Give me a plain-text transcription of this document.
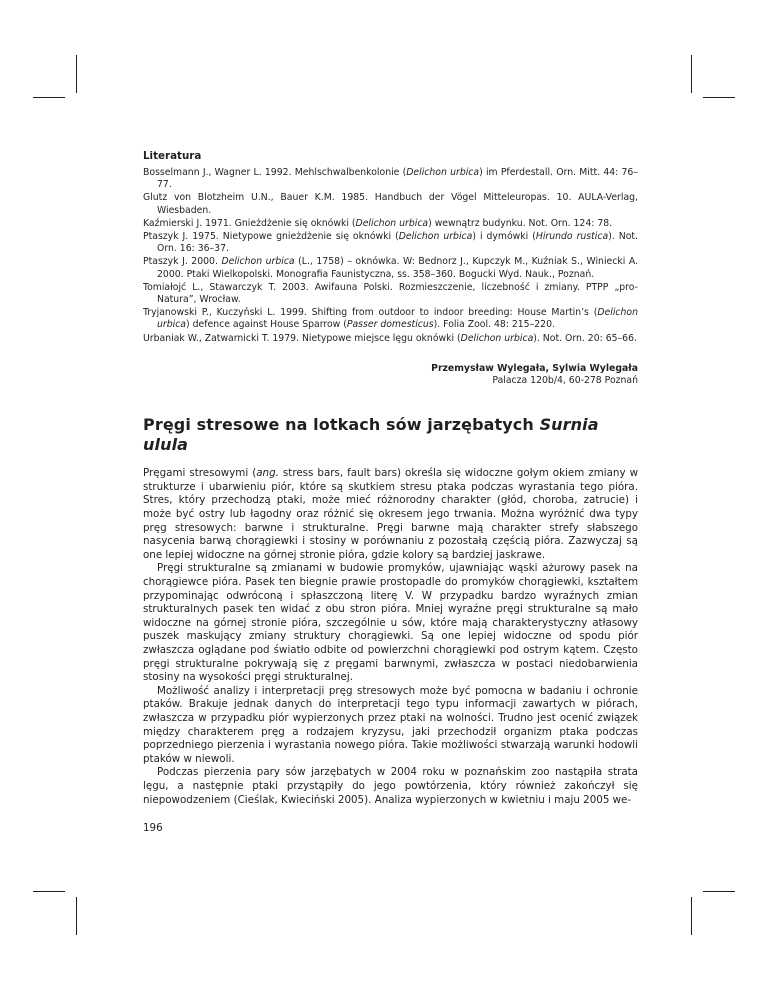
Literatura
Bosselmann J., Wagner L. 1992. Mehlschwalbenkolonie (Delichon urbica) im Pferdestall. Orn. Mitt. 44: 76–77.
Glutz von Blotzheim U.N., Bauer K.M. 1985. Handbuch der Vögel Mitteleuropas. 10. AULA-Verlag, Wiesbaden.
Kaźmierski J. 1971. Gnieżdżenie się oknówki (Delichon urbica) wewnątrz budynku. Not. Orn. 124: 78.
Ptaszyk J. 1975. Nietypowe gnieżdżenie się oknówki (Delichon urbica) i dymówki (Hirundo rustica). Not. Orn. 16: 36–37.
Ptaszyk J. 2000. Delichon urbica (L., 1758) – oknówka. W: Bednorz J., Kupczyk M., Kuźniak S., Winiecki A. 2000. Ptaki Wielkopolski. Monografia Faunistyczna, ss. 358–360. Bogucki Wyd. Nauk., Poznań.
Tomiałojć L., Stawarczyk T. 2003. Awifauna Polski. Rozmieszczenie, liczebność i zmiany. PTPP „pro-Natura”, Wrocław.
Tryjanowski P., Kuczyński L. 1999. Shifting from outdoor to indoor breeding: House Martin’s (Delichon urbica) defence against House Sparrow (Passer domesticus). Folia Zool. 48: 215–220.
Urbaniak W., Zatwarnicki T. 1979. Nietypowe miejsce lęgu oknówki (Delichon urbica). Not. Orn. 20: 65–66.
Przemysław Wylegała, Sylwia Wylegała
Palacza 120b/4, 60-278 Poznań
Pręgi stresowe na lotkach sów jarzębatych Surnia ulula

Pręgami stresowymi (ang. stress bars, fault bars) określa się widoczne gołym okiem zmiany w strukturze i ubarwieniu piór, które są skutkiem stresu ptaka podczas wyrastania tego pióra. Stres, który przechodzą ptaki, może mieć różnorodny charakter (głód, choroba, zatrucie) i może być ostry lub łagodny oraz różnić się okresem jego trwania. Można wyróżnić dwa typy pręg stresowych: barwne i strukturalne. Pręgi barwne mają charakter strefy słabszego nasycenia barwą chorągiewki i stosiny w porównaniu z pozostałą częścią pióra. Zazwyczaj są one lepiej widoczne na górnej stronie pióra, gdzie kolory są bardziej jaskrawe.

Pręgi strukturalne są zmianami w budowie promyków, ujawniając wąski ażurowy pasek na chorągiewce pióra. Pasek ten biegnie prawie prostopadle do promyków chorągiewki, kształtem przypominając odwróconą i spłaszczoną literę V. W przypadku bardzo wyraźnych zmian strukturalnych pasek ten widać z obu stron pióra. Mniej wyraźne pręgi strukturalne są mało widoczne na górnej stronie pióra, szczególnie u sów, które mają charakterystyczny atłasowy puszek maskujący zmiany struktury chorągiewki. Są one lepiej widoczne od spodu piór zwłaszcza oglądane pod światło odbite od powierzchni chorągiewki pod ostrym kątem. Często pręgi strukturalne pokrywają się z pręgami barwnymi, zwłaszcza w postaci niedobarwienia stosiny na wysokości pręgi strukturalnej.

Możliwość analizy i interpretacji pręg stresowych może być pomocna w badaniu i ochronie ptaków. Brakuje jednak danych do interpretacji tego typu informacji zawartych w piórach, zwłaszcza w przypadku piór wypierzonych przez ptaki na wolności. Trudno jest ocenić związek między charakterem pręg a rodzajem kryzysu, jaki przechodził organizm ptaka podczas poprzedniego pierzenia i wyrastania nowego pióra. Takie możliwości stwarzają warunki hodowli ptaków w niewoli.

Podczas pierzenia pary sów jarzębatych w 2004 roku w poznańskim zoo nastąpiła strata lęgu, a następnie ptaki przystąpiły do jego powtórzenia, który również zakończył się niepowodzeniem (Cieślak, Kwieciński 2005). Analiza wypierzonych w kwietniu i maju 2005 we-

196
